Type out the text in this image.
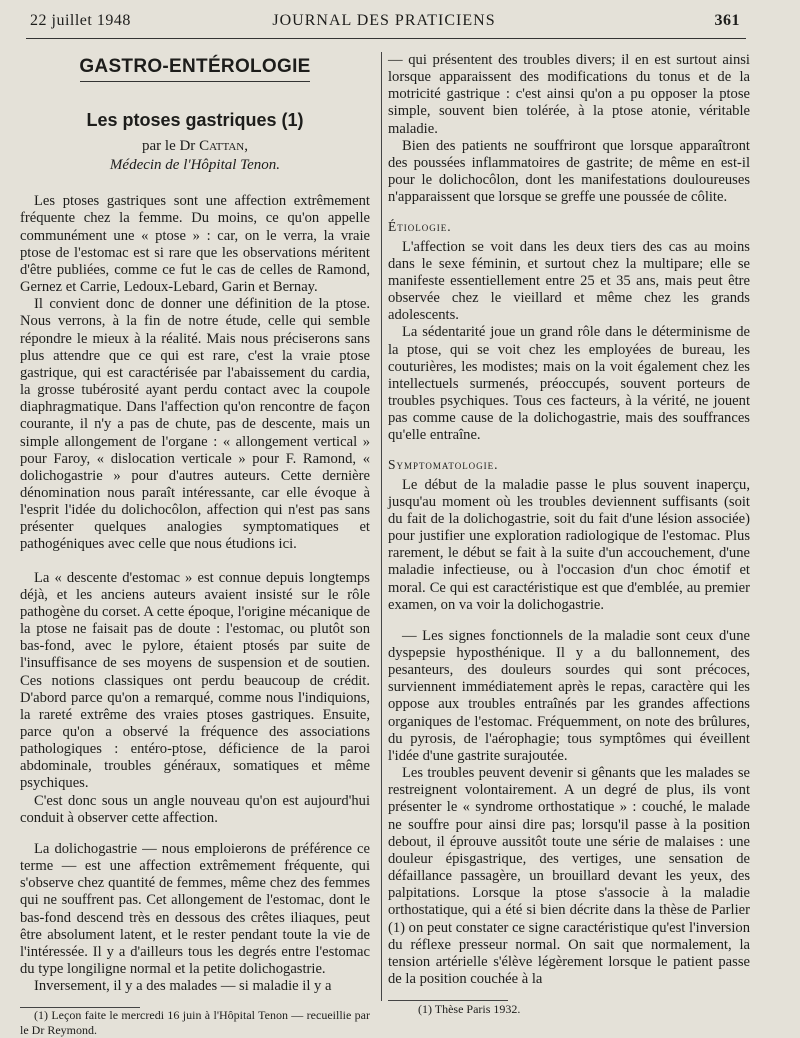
22 juillet 1948	JOURNAL DES PRATICIENS	361
GASTRO-ENTÉROLOGIE
Les ptoses gastriques (1)
par le Dr Cattan,
Médecin de l'Hôpital Tenon.

Les ptoses gastriques sont une affection extrêmement fréquente chez la femme. Du moins, ce qu'on appelle communément une « ptose » : car, on le verra, la vraie ptose de l'estomac est si rare que les observations méritent d'être publiées, comme ce fut le cas de celles de Ramond, Gernez et Carrie, Ledoux-Lebard, Garin et Bernay.

Il convient donc de donner une définition de la ptose. Nous verrons, à la fin de notre étude, celle qui semble répondre le mieux à la réalité. Mais nous préciserons sans plus attendre que ce qui est rare, c'est la vraie ptose gastrique, qui est caractérisée par l'abaissement du cardia, la grosse tubérosité ayant perdu contact avec la coupole diaphragmatique. Dans l'affection qu'on rencontre de façon courante, il n'y a pas de chute, pas de descente, mais un simple allongement de l'organe : « allongement vertical » pour Faroy, « dislocation verticale » pour F. Ramond, « dolichogastrie » pour d'autres auteurs. Cette dernière dénomination nous paraît intéressante, car elle évoque à l'esprit l'idée du dolichocôlon, affection qui n'est pas sans présenter quelques analogies symptomatiques et pathogéniques avec celle que nous étudions ici.

La « descente d'estomac » est connue depuis longtemps déjà, et les anciens auteurs avaient insisté sur le rôle pathogène du corset. A cette époque, l'origine mécanique de la ptose ne faisait pas de doute : l'estomac, ou plutôt son bas-fond, avec le pylore, étaient ptosés par suite de l'insuffisance de ses moyens de suspension et de soutien. Ces notions classiques ont perdu beaucoup de crédit. D'abord parce qu'on a remarqué, comme nous l'indiquions, la rareté extrême des vraies ptoses gastriques. Ensuite, parce qu'on a observé la fréquence des associations pathologiques : entéro-ptose, déficience de la paroi abdominale, troubles généraux, somatiques et même psychiques.

C'est donc sous un angle nouveau qu'on est aujourd'hui conduit à observer cette affection.

La dolichogastrie — nous emploierons de préférence ce terme — est une affection extrêmement fréquente, qui s'observe chez quantité de femmes, même chez des femmes qui ne souffrent pas. Cet allongement de l'estomac, dont le bas-fond descend très en dessous des crêtes iliaques, peut être absolument latent, et le rester pendant toute la vie de l'intéressée. Il y a d'ailleurs tous les degrés entre l'estomac du type longiligne normal et la petite dolichogastrie.

Inversement, il y a des malades — si maladie il y a

(1) Leçon faite le mercredi 16 juin à l'Hôpital Tenon — recueillie par le Dr Reymond.

— qui présentent des troubles divers; il en est surtout ainsi lorsque apparaissent des modifications du tonus et de la motricité gastrique : c'est ainsi qu'on a pu opposer la ptose simple, souvent bien tolérée, à la ptose atonie, véritable maladie.

Bien des patients ne souffriront que lorsque apparaîtront des poussées inflammatoires de gastrite; de même en est-il pour le dolichocôlon, dont les manifestations douloureuses n'apparaissent que lorsque se greffe une poussée de côlite.

Étiologie.

L'affection se voit dans les deux tiers des cas au moins dans le sexe féminin, et surtout chez la multipare; elle se manifeste essentiellement entre 25 et 35 ans, mais peut être observée chez le vieillard et même chez les grands adolescents.

La sédentarité joue un grand rôle dans le déterminisme de la ptose, qui se voit chez les employées de bureau, les couturières, les modistes; mais on la voit également chez les intellectuels surmenés, préoccupés, souvent porteurs de troubles psychiques. Tous ces facteurs, à la vérité, ne jouent pas comme cause de la dolichogastrie, mais des souffrances qu'elle entraîne.

Symptomatologie.

Le début de la maladie passe le plus souvent inaperçu, jusqu'au moment où les troubles deviennent suffisants (soit du fait de la dolichogastrie, soit du fait d'une lésion associée) pour justifier une exploration radiologique de l'estomac. Plus rarement, le début se fait à la suite d'un accouchement, d'une maladie infectieuse, ou à l'occasion d'un choc émotif et moral. Ce qui est caractéristique est que d'emblée, au premier examen, on va voir la dolichogastrie.

— Les signes fonctionnels de la maladie sont ceux d'une dyspepsie hyposthénique. Il y a du ballonnement, des pesanteurs, des douleurs sourdes qui sont précoces, surviennent immédiatement après le repas, caractère qui les oppose aux troubles entraînés par les grandes affections organiques de l'estomac. Fréquemment, on note des brûlures, du pyrosis, de l'aérophagie; tous symptômes qui éveillent l'idée d'une gastrite surajoutée.

Les troubles peuvent devenir si gênants que les malades se restreignent volontairement. A un degré de plus, ils vont présenter le « syndrome orthostatique » : couché, le malade ne souffre pour ainsi dire pas; lorsqu'il passe à la position debout, il éprouve aussitôt toute une série de malaises : une douleur épisgastrique, des vertiges, une sensation de défaillance passagère, un brouillard devant les yeux, des palpitations. Lorsque la ptose s'associe à la maladie orthostatique, qui a été si bien décrite dans la thèse de Parlier (1) on peut constater ce signe caractéristique qu'est l'inversion du réflexe presseur normal. On sait que normalement, la tension artérielle s'élève légèrement lorsque le patient passe de la position couchée à la

(1) Thèse Paris 1932.
